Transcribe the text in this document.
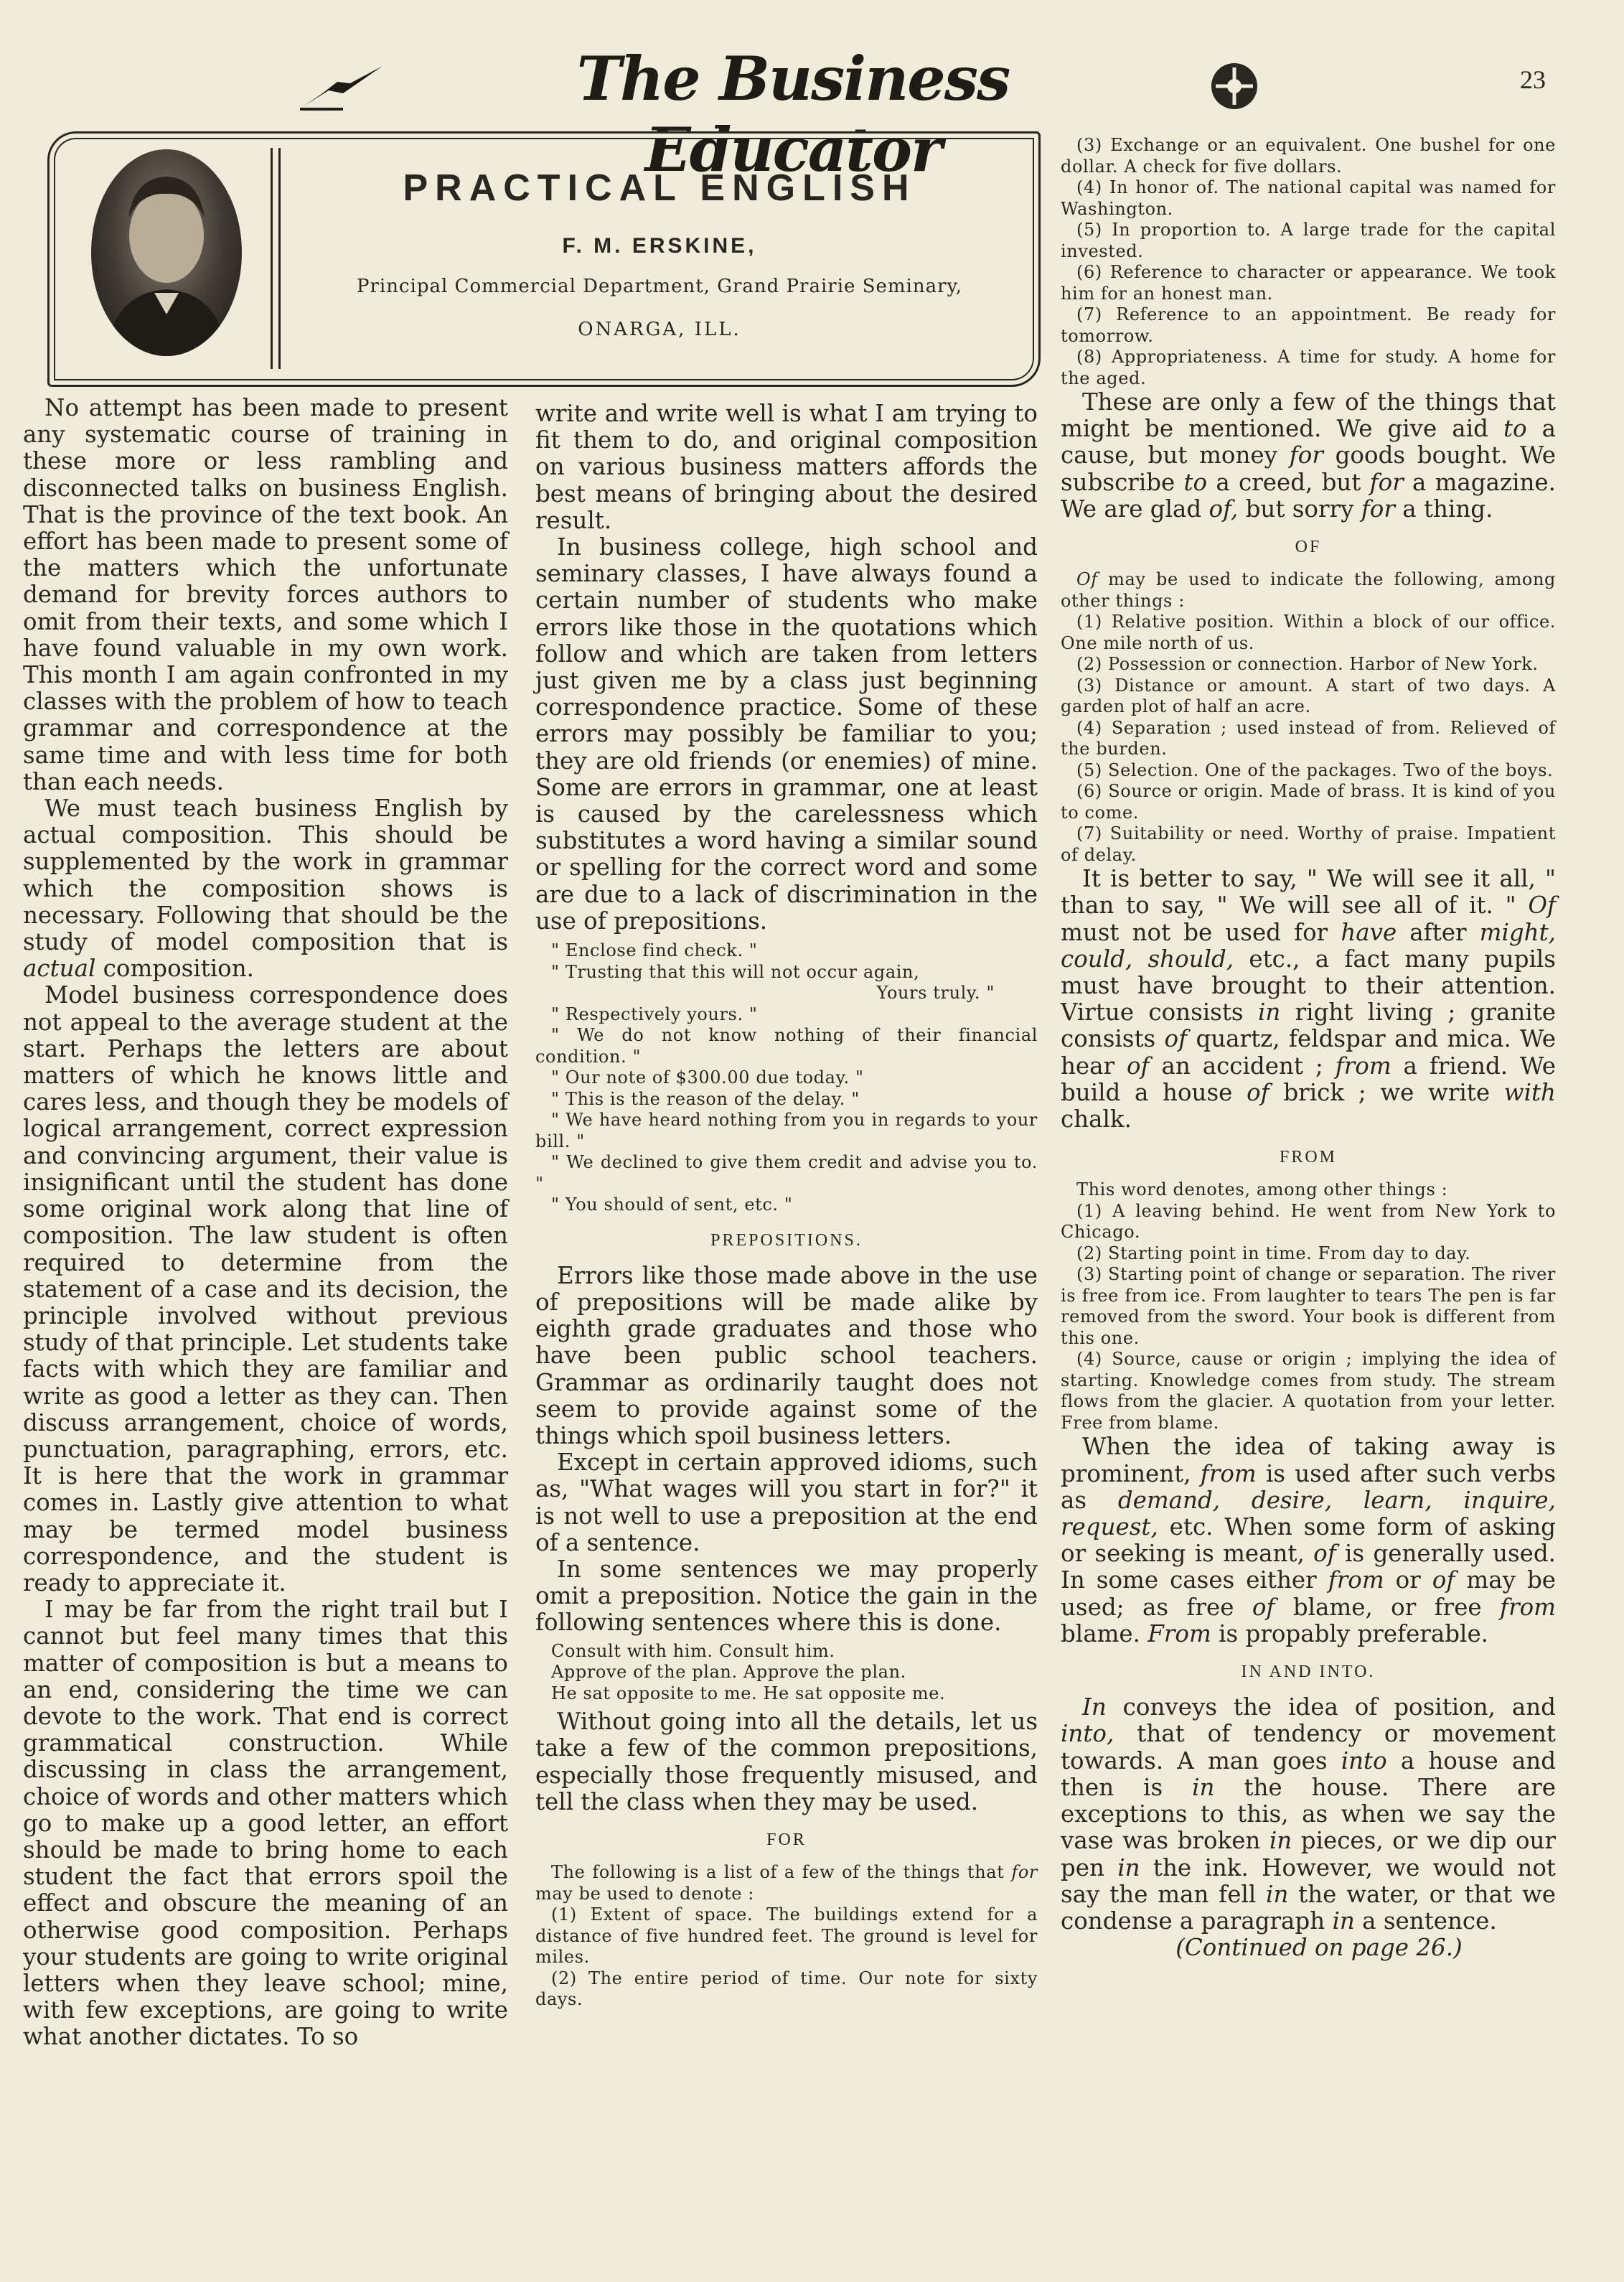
The Business Educator
23
PRACTICAL ENGLISH
F. M. ERSKINE,
Principal Commercial Department, Grand Prairie Seminary,
ONARGA, ILL.

No attempt has been made to present any systematic course of training in these more or less rambling and disconnected talks on business English. That is the province of the text book. An effort has been made to present some of the matters which the unfortunate demand for brevity forces authors to omit from their texts, and some which I have found valuable in my own work. This month I am again confronted in my classes with the problem of how to teach grammar and correspondence at the same time and with less time for both than each needs.

We must teach business English by actual composition. This should be supplemented by the work in grammar which the composition shows is necessary. Following that should be the study of model composition that is actual composition.

Model business correspondence does not appeal to the average student at the start. Perhaps the letters are about matters of which he knows little and cares less, and though they be models of logical arrangement, correct expression and convincing argument, their value is insignificant until the student has done some original work along that line of composition. The law student is often required to determine from the statement of a case and its decision, the principle involved without previous study of that principle. Let students take facts with which they are familiar and write as good a letter as they can. Then discuss arrangement, choice of words, punctuation, paragraphing, errors, etc. It is here that the work in grammar comes in. Lastly give attention to what may be termed model business correspondence, and the student is ready to appreciate it.

I may be far from the right trail but I cannot but feel many times that this matter of composition is but a means to an end, considering the time we can devote to the work. That end is correct grammatical construction. While discussing in class the arrangement, choice of words and other matters which go to make up a good letter, an effort should be made to bring home to each student the fact that errors spoil the effect and obscure the meaning of an otherwise good composition. Perhaps your students are going to write original letters when they leave school; mine, with few exceptions, are going to write what another dictates. To so

write and write well is what I am trying to fit them to do, and original composition on various business matters affords the best means of bringing about the desired result.

In business college, high school and seminary classes, I have always found a certain number of students who make errors like those in the quotations which follow and which are taken from letters just given me by a class just beginning correspondence practice. Some of these errors may possibly be familiar to you; they are old friends (or enemies) of mine. Some are errors in grammar, one at least is caused by the carelessness which substitutes a word having a similar sound or spelling for the correct word and some are due to a lack of discrimination in the use of prepositions.

" Enclose find check. "

" Trusting that this will not occur again,

Yours truly. "

" Respectively yours. "

" We do not know nothing of their financial condition. "

" Our note of $300.00 due today. "

" This is the reason of the delay. "

" We have heard nothing from you in regards to your bill. "

" We declined to give them credit and advise you to. "

" You should of sent, etc. "

PREPOSITIONS.

Errors like those made above in the use of prepositions will be made alike by eighth grade graduates and those who have been public school teachers. Grammar as ordinarily taught does not seem to provide against some of the things which spoil business letters.

Except in certain approved idioms, such as, "What wages will you start in for?" it is not well to use a preposition at the end of a sentence.

In some sentences we may properly omit a preposition. Notice the gain in the following sentences where this is done.

Consult with him. Consult him.

Approve of the plan. Approve the plan.

He sat opposite to me. He sat opposite me.

Without going into all the details, let us take a few of the common prepositions, especially those frequently misused, and tell the class when they may be used.

FOR

The following is a list of a few of the things that for may be used to denote :

(1) Extent of space. The buildings extend for a distance of five hundred feet. The ground is level for miles.

(2) The entire period of time. Our note for sixty days.

(3) Exchange or an equivalent. One bushel for one dollar. A check for five dollars.

(4) In honor of. The national capital was named for Washington.

(5) In proportion to. A large trade for the capital invested.

(6) Reference to character or appearance. We took him for an honest man.

(7) Reference to an appointment. Be ready for tomorrow.

(8) Appropriateness. A time for study. A home for the aged.

These are only a few of the things that might be mentioned. We give aid to a cause, but money for goods bought. We subscribe to a creed, but for a magazine. We are glad of, but sorry for a thing.

OF

Of may be used to indicate the following, among other things :

(1) Relative position. Within a block of our office. One mile north of us.

(2) Possession or connection. Harbor of New York.

(3) Distance or amount. A start of two days. A garden plot of half an acre.

(4) Separation ; used instead of from. Relieved of the burden.

(5) Selection. One of the packages. Two of the boys.

(6) Source or origin. Made of brass. It is kind of you to come.

(7) Suitability or need. Worthy of praise. Impatient of delay.

It is better to say, " We will see it all, " than to say, " We will see all of it. " Of must not be used for have after might, could, should, etc., a fact many pupils must have brought to their attention. Virtue consists in right living ; granite consists of quartz, feldspar and mica. We hear of an accident ; from a friend. We build a house of brick ; we write with chalk.

FROM

This word denotes, among other things :

(1) A leaving behind. He went from New York to Chicago.

(2) Starting point in time. From day to day.

(3) Starting point of change or separation. The river is free from ice. From laughter to tears The pen is far removed from the sword. Your book is different from this one.

(4) Source, cause or origin ; implying the idea of starting. Knowledge comes from study. The stream flows from the glacier. A quotation from your letter. Free from blame.

When the idea of taking away is prominent, from is used after such verbs as demand, desire, learn, inquire, request, etc. When some form of asking or seeking is meant, of is generally used. In some cases either from or of may be used; as free of blame, or free from blame. From is propably preferable.

IN AND INTO.

In conveys the idea of position, and into, that of tendency or movement towards. A man goes into a house and then is in the house. There are exceptions to this, as when we say the vase was broken in pieces, or we dip our pen in the ink. However, we would not say the man fell in the water, or that we condense a paragraph in a sentence.

(Continued on page 26.)
